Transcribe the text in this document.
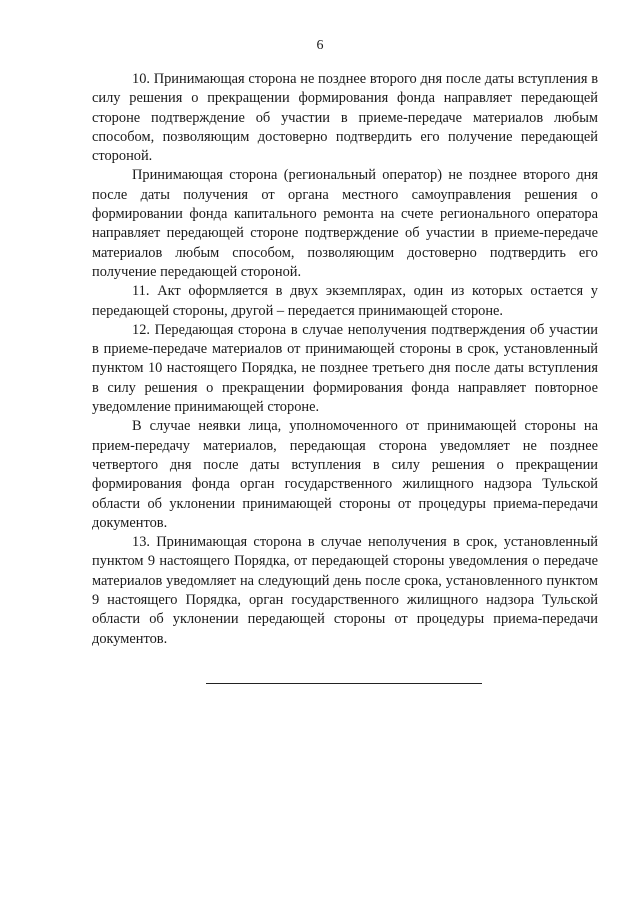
6

10. Принимающая сторона не позднее второго дня после даты вступления в силу решения о прекращении формирования фонда направляет передающей стороне подтверждение об участии в приеме-передаче материалов любым способом, позволяющим достоверно подтвердить его получение передающей стороной.

Принимающая сторона (региональный оператор) не позднее второго дня после даты получения от органа местного самоуправления решения о формировании фонда капитального ремонта на счете регионального оператора направляет передающей стороне подтверждение об участии в приеме-передаче материалов любым способом, позволяющим достоверно подтвердить его получение передающей стороной.

11. Акт оформляется в двух экземплярах, один из которых остается у передающей стороны, другой – передается принимающей стороне.

12. Передающая сторона в случае неполучения подтверждения об участии в приеме-передаче материалов от принимающей стороны в срок, установленный пунктом 10 настоящего Порядка, не позднее третьего дня после даты вступления в силу решения о прекращении формирования фонда направляет повторное уведомление принимающей стороне.

В случае неявки лица, уполномоченного от принимающей стороны на прием-передачу материалов, передающая сторона уведомляет не позднее четвертого дня после даты вступления в силу решения о прекращении формирования фонда орган государственного жилищного надзора Тульской области об уклонении принимающей стороны от процедуры приема-передачи документов.

13. Принимающая сторона в случае неполучения в срок, установленный пунктом 9 настоящего Порядка, от передающей стороны уведомления о передаче материалов уведомляет на следующий день после срока, установленного пунктом 9 настоящего Порядка, орган государственного жилищного надзора Тульской области об уклонении передающей стороны от процедуры приема-передачи документов.
